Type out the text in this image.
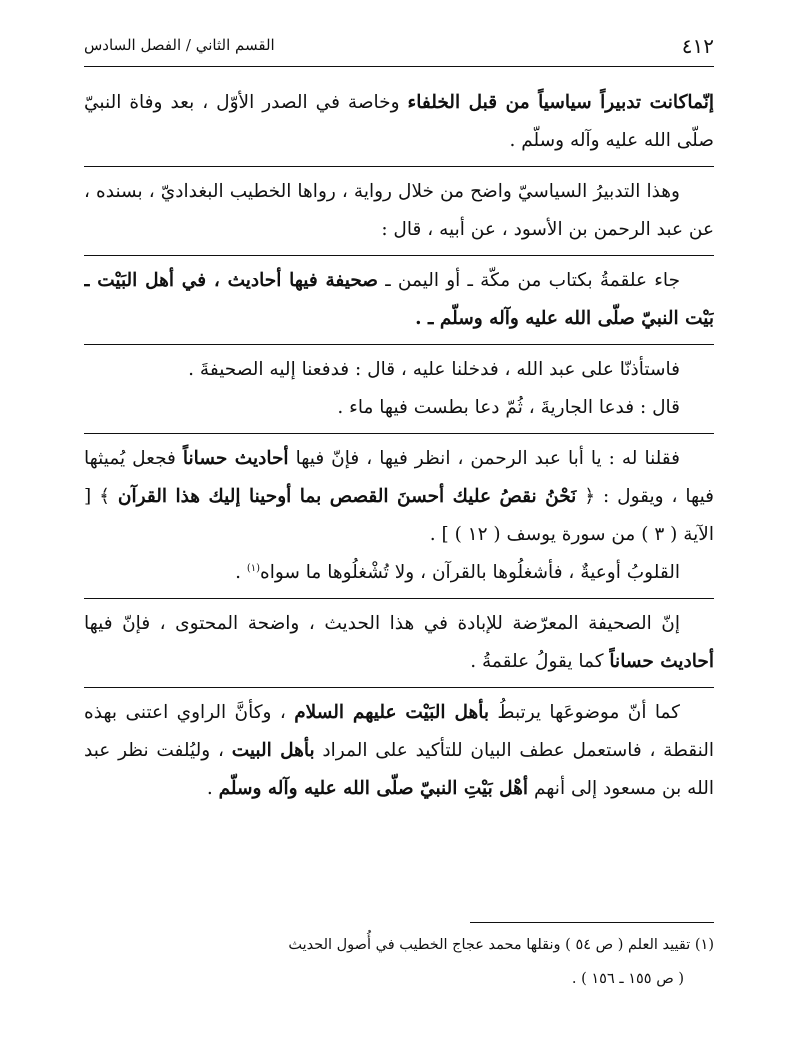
٤١٢
القسم الثاني / الفصل السادس

إنّماكانت تدبيراً سياسياً من قبل الخلفاء وخاصة في الصدر الأوّل ، بعد وفاة النبيّ صلّى الله عليه وآله وسلّم .

وهذا التدبيرُ السياسيّ واضح من خلال رواية ، رواها الخطيب البغداديّ ، بسنده ، عن عبد الرحمن بن الأسود ، عن أبيه ، قال :

جاء علقمةُ بكتاب من مكّة ـ أو اليمن ـ صحيفة فيها أحاديث ، في أهل البَيْت ـ بَيْت النبيّ صلّى الله عليه وآله وسلّم ـ .

فاستأذنّا على عبد الله ، فدخلنا عليه ، قال : فدفعنا إليه الصحيفةَ .

قال : فدعا الجاريةَ ، ثُمّ دعا بطست فيها ماء .

فقلنا له : يا أبا عبد الرحمن ، انظر فيها ، فإنّ فيها أحاديث حساناً فجعل يُميثها فيها ، ويقول : ﴿ نَحْنُ نقصُ عليك أحسنَ القصص بما أوحينا إليك هذا القرآن ﴾ [ الآية ( ٣ ) من سورة يوسف ( ١٢ ) ] .

القلوبُ أوعيةٌ ، فأشغلُوها بالقرآن ، ولا تُشْغلُوها ما سواه$^{(١)}$ .

إنّ الصحيفة المعرّضة للإبادة في هذا الحديث ، واضحة المحتوى ، فإنّ فيها أحاديث حساناً كما يقولُ علقمةُ .

كما أنّ موضوعَها يرتبطُ بأهل البَيْت عليهم السلام ، وكأنَّ الراوي اعتنى بهذه النقطة ، فاستعمل عطف البيان للتأكيد على المراد بأهل البيت ، وليُلفت نظر عبد الله بن مسعود إلى أنهم أهْل بَيْتِ النبيّ صلّى الله عليه وآله وسلّم .

(١) تقييد العلم ( ص ٥٤ ) ونقلها محمد عجاج الخطيب في أُصول الحديث

( ص ١٥٥ ـ ١٥٦ ) .
